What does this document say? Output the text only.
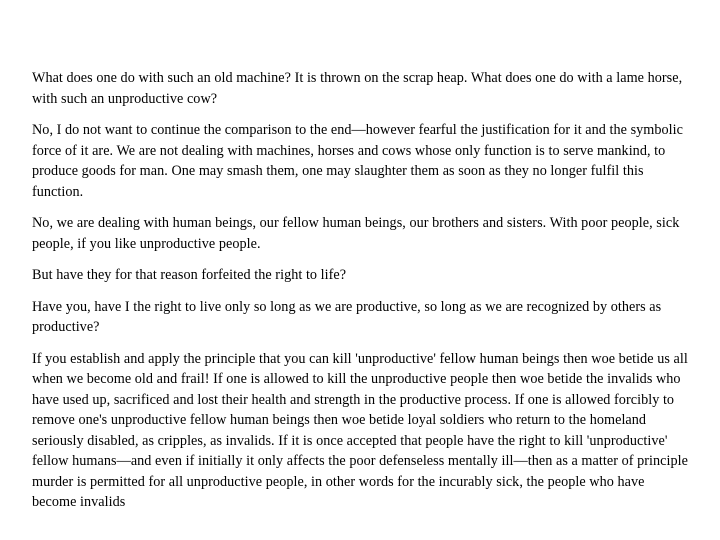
What does one do with such an old machine? It is thrown on the scrap heap. What does one do with a lame horse, with such an unproductive cow?

No, I do not want to continue the comparison to the end—however fearful the justification for it and the symbolic force of it are. We are not dealing with machines, horses and cows whose only function is to serve mankind, to produce goods for man. One may smash them, one may slaughter them as soon as they no longer fulfil this function.

No, we are dealing with human beings, our fellow human beings, our brothers and sisters. With poor people, sick people, if you like unproductive people.

But have they for that reason forfeited the right to life?

Have you, have I the right to live only so long as we are productive, so long as we are recognized by others as productive?

If you establish and apply the principle that you can kill 'unproductive' fellow human beings then woe betide us all when we become old and frail! If one is allowed to kill the unproductive people then woe betide the invalids who have used up, sacrificed and lost their health and strength in the productive process. If one is allowed forcibly to remove one's unproductive fellow human beings then woe betide loyal soldiers who return to the homeland seriously disabled, as cripples, as invalids. If it is once accepted that people have the right to kill 'unproductive' fellow humans—and even if initially it only affects the poor defenseless mentally ill—then as a matter of principle murder is permitted for all unproductive people, in other words for the incurably sick, the people who have become invalids
